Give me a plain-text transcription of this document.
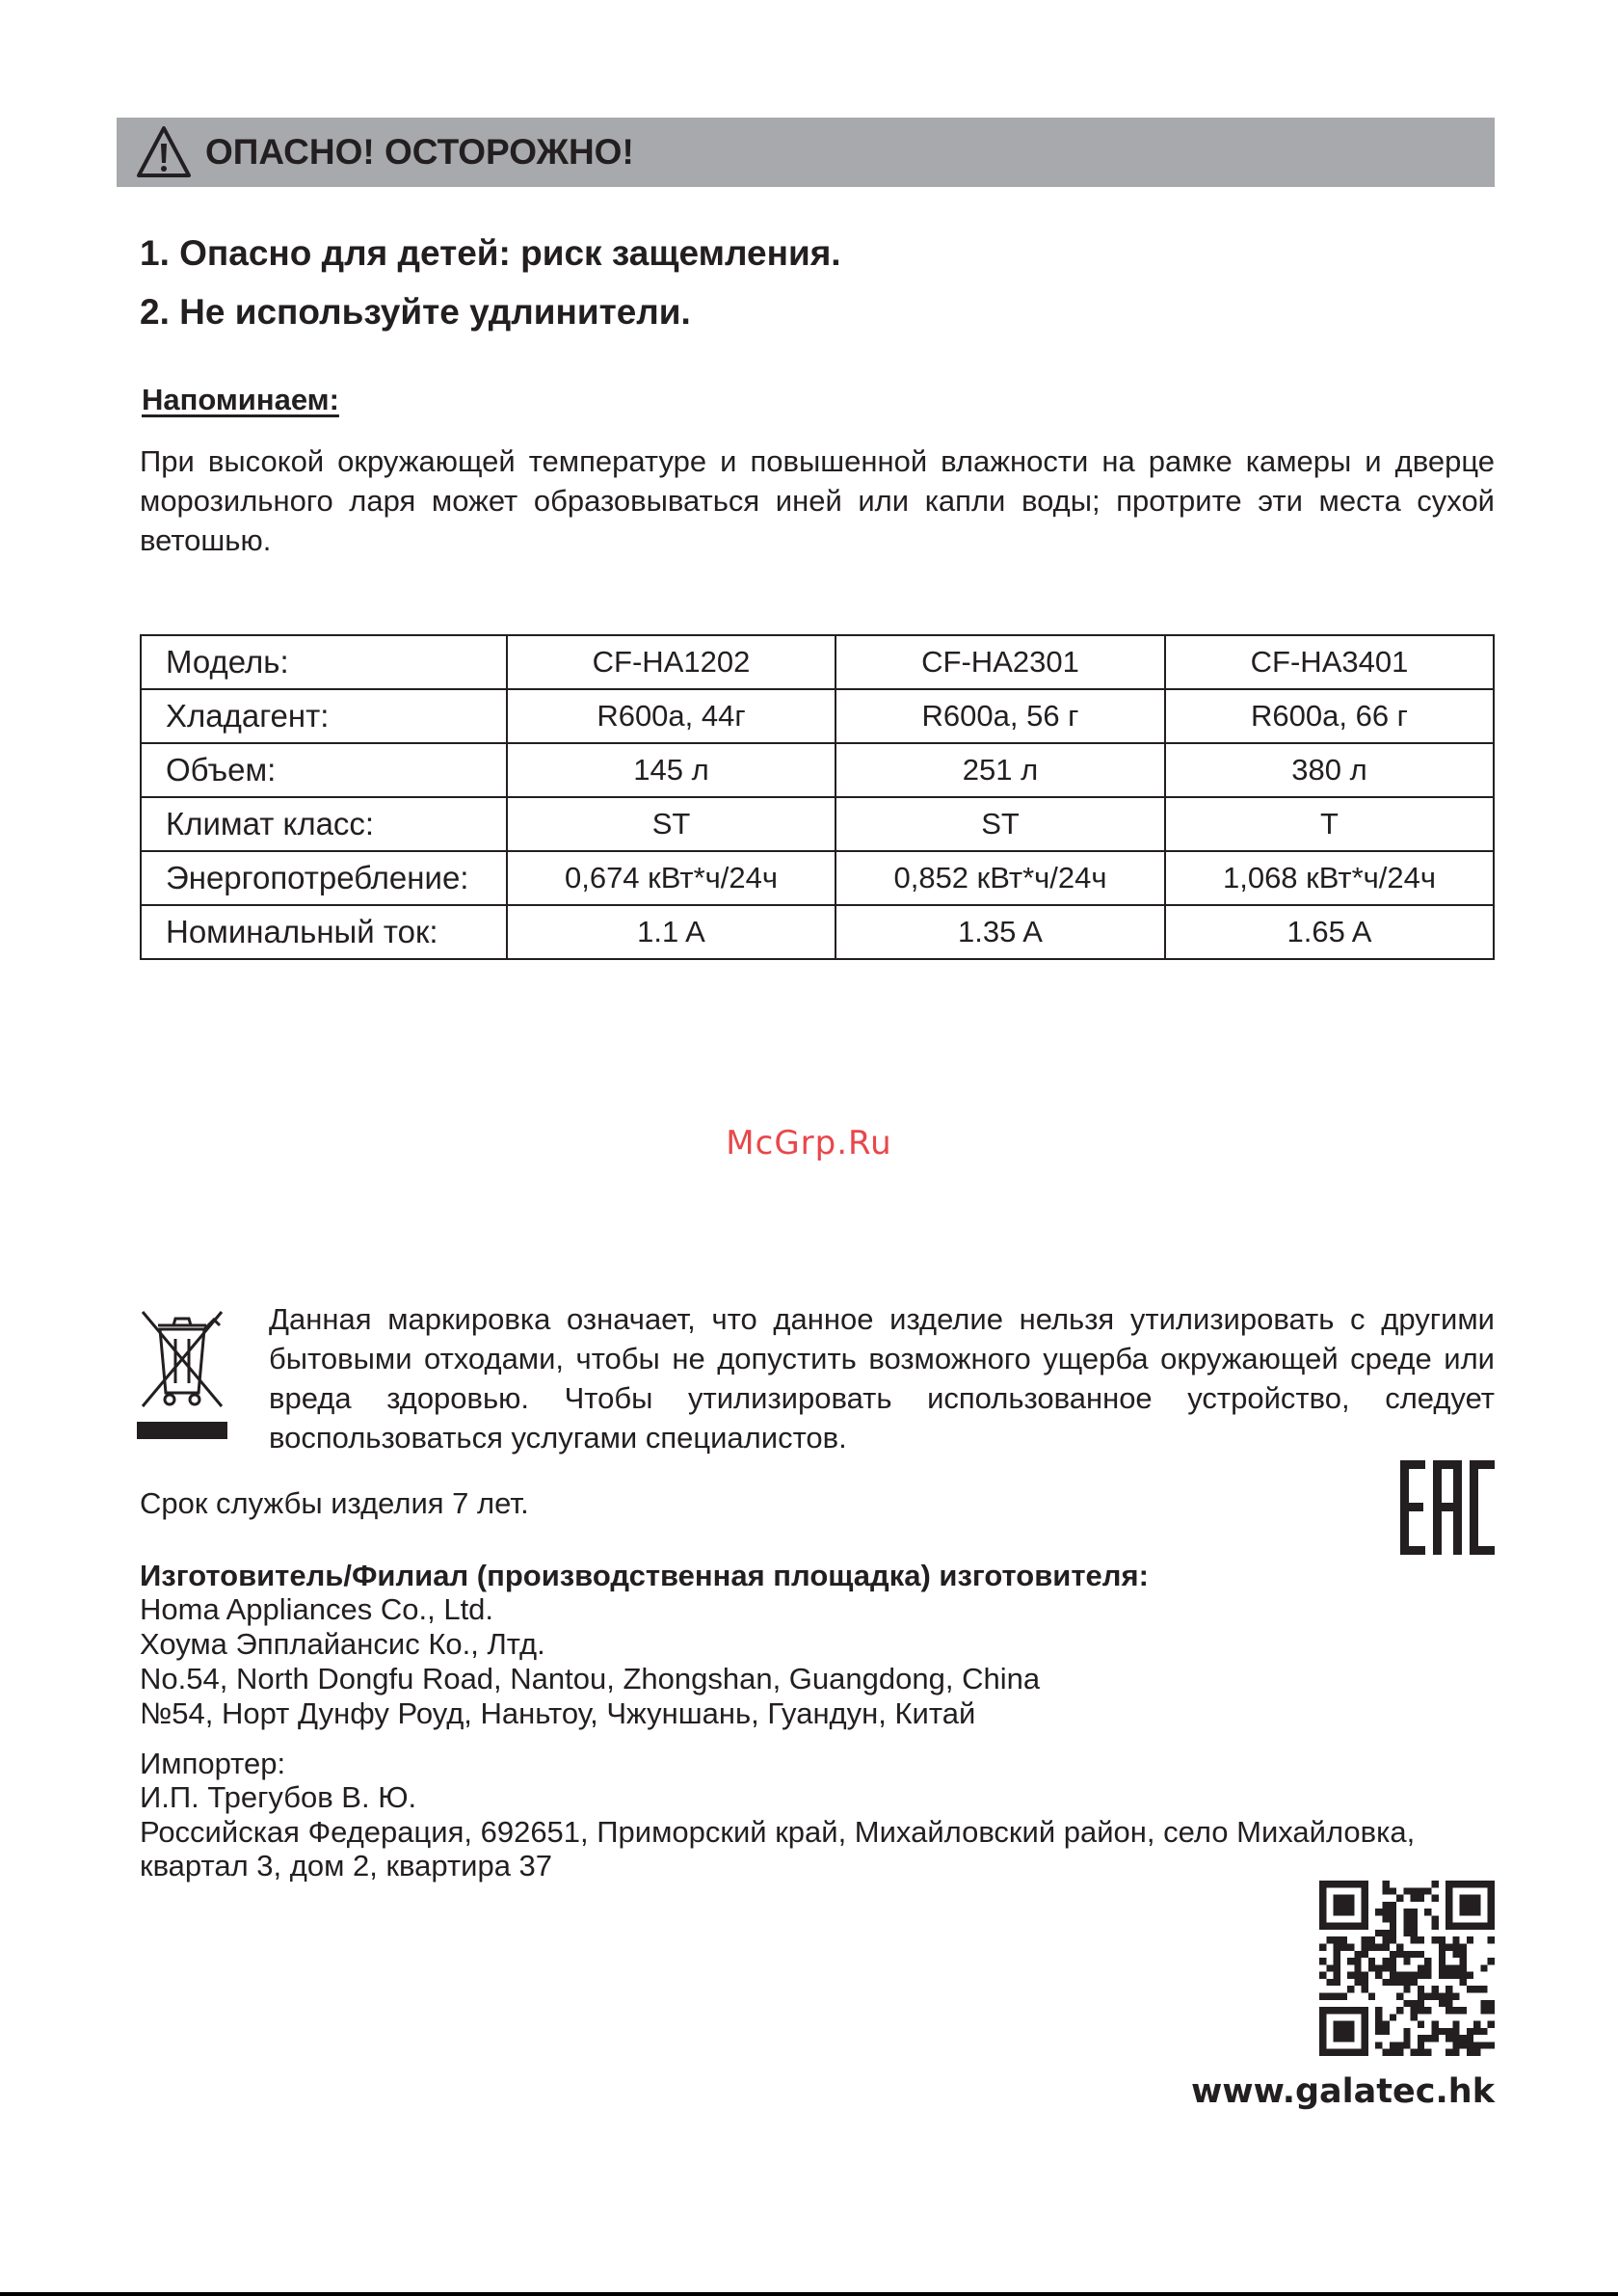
ОПАСНО! ОСТОРОЖНО!
1. Опасно для детей: риск защемления.
2. Не используйте удлинители.
Напоминаем:
При высокой окружающей температуре и повышенной влажности на рамке камеры и дверце морозильного ларя может образовываться иней или капли воды; протрите эти места сухой ветошью.
Модель:	CF-HA1202	CF-HA2301	CF-HA3401
Хладагент:	R600a, 44г	R600a, 56 г	R600a, 66 г
Объем:	145 л	251 л	380 л
Климат класс:	ST	ST	T
Энергопотребление:	0,674 кВт*ч/24ч	0,852 кВт*ч/24ч	1,068 кВт*ч/24ч
Номинальный ток:	1.1 A	1.35 A	1.65 A
McGrp.Ru
Данная маркировка означает, что данное изделие нельзя утилизировать с другими бытовыми отходами, чтобы не допустить возможного ущерба окружающей среде или вреда здоровью. Чтобы утилизировать использованное устройство, следует воспользоваться услугами специалистов.
Срок службы изделия 7 лет.
Изготовитель/Филиал (производственная площадка) изготовителя:
Homa Appliances Co., Ltd.
Хоума Эпплайансис Ко., Лтд.
No.54, North Dongfu Road, Nantou, Zhongshan, Guangdong, China
№54, Норт Дунфу Роуд, Наньтоу, Чжуншань, Гуандун, Китай
Импортер:
И.П. Трегубов В. Ю.
Российская Федерация, 692651, Приморский край, Михайловский район, село Михайловка,
квартал 3, дом 2, квартира 37
www.galatec.hk
